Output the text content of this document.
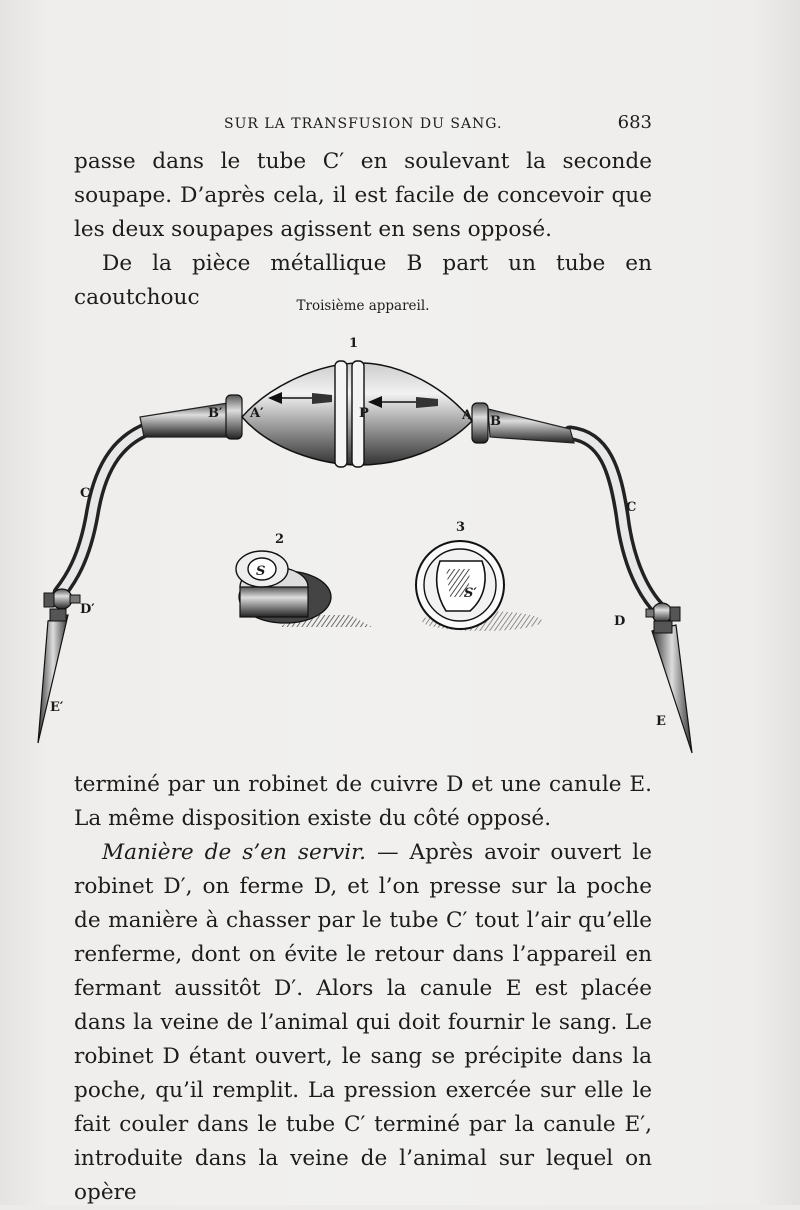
SUR LA TRANSFUSION DU SANG.	683

passe dans le tube C′ en soulevant la seconde soupape. D’après cela, il est facile de concevoir que les deux soupapes agissent en sens opposé.

De la pièce métallique B part un tube en caoutchouc	Troisième appareil.
1
2
3
B′ A′	P	A B
C′
C
D′
D
E′
E
S
S′

terminé par un robinet de cuivre D et une canule E. La même disposition existe du côté opposé.

Manière de s’en servir. — Après avoir ouvert le robinet D′, on ferme D, et l’on presse sur la poche de manière à chasser par le tube C′ tout l’air qu’elle renferme, dont on évite le retour dans l’appareil en fermant aussitôt D′. Alors la canule E est placée dans la veine de l’animal qui doit fournir le sang. Le robinet D étant ouvert, le sang se précipite dans la poche, qu’il remplit. La pression exercée sur elle le fait couler dans le tube C′ terminé par la canule E′, introduite dans la veine de l’animal sur lequel on opère
